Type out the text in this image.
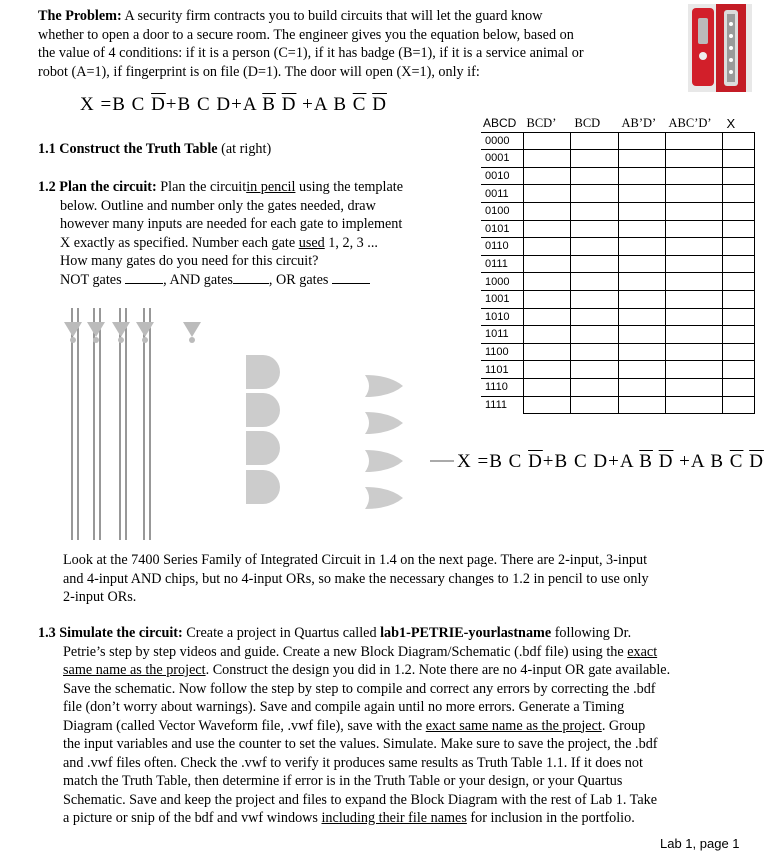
The Problem: A security firm contracts you to build circuits that will let the guard know
whether to open a door to a secure room. The engineer gives you the equation below, based on
the value of 4 conditions: if it is a person (C=1), if it has badge (B=1), if it is a service animal or
robot (A=1), if fingerprint is on file (D=1). The door will open (X=1), only if:
X =B C $\overline{D}+B$ C D+A $\overline{B}$ $\overline{D} +A$ B $\overline{C}$ $\overline{D}$
1.1 Construct the Truth Table (at right)
1.2 Plan the circuit: Plan the circuitin pencil using the template
below. Outline and number only the gates needed, draw
however many inputs are needed for each gate to implement
X exactly as specified. Number each gate used 1, 2, 3 ...
How many gates do you need for this circuit?
NOT gates	, AND gates	, OR gates
ABCD	BCD’	BCD	AB’D’	ABC’D’	X
0000					
0001					
0010					
0011					
0100					
0101					
0110					
0111					
1000					
1001					
1010					
1011					
1100					
1101					
1110					
1111					
X =B C $\overline{D}+B$ C D+A $\overline{B}$ $\overline{D} +A$ B $\overline{C}$ $\overline{D}$
Look at the 7400 Series Family of Integrated Circuit in 1.4 on the next page. There are 2-input, 3-input
and 4-input AND chips, but no 4-input ORs, so make the necessary changes to 1.2 in pencil to use only
2-input ORs.
1.3 Simulate the circuit: Create a project in Quartus called lab1-PETRIE-yourlastname following Dr.
Petrie’s step by step videos and guide. Create a new Block Diagram/Schematic (.bdf file) using the exact
same name as the project. Construct the design you did in 1.2. Note there are no 4-input OR gate available.
Save the schematic. Now follow the step by step to compile and correct any errors by correcting the .bdf
file (don’t worry about warnings). Save and compile again until no more errors. Generate a Timing
Diagram (called Vector Waveform file, .vwf file), save with the exact same name as the project. Group
the input variables and use the counter to set the values. Simulate. Make sure to save the project, the .bdf
and .vwf files often. Check the .vwf to verify it produces same results as Truth Table 1.1. If it does not
match the Truth Table, then determine if error is in the Truth Table or your design, or your Quartus
Schematic. Save and keep the project and files to expand the Block Diagram with the rest of Lab 1. Take
a picture or snip of the bdf and vwf windows including their file names for inclusion in the portfolio.
Lab 1, page 1
